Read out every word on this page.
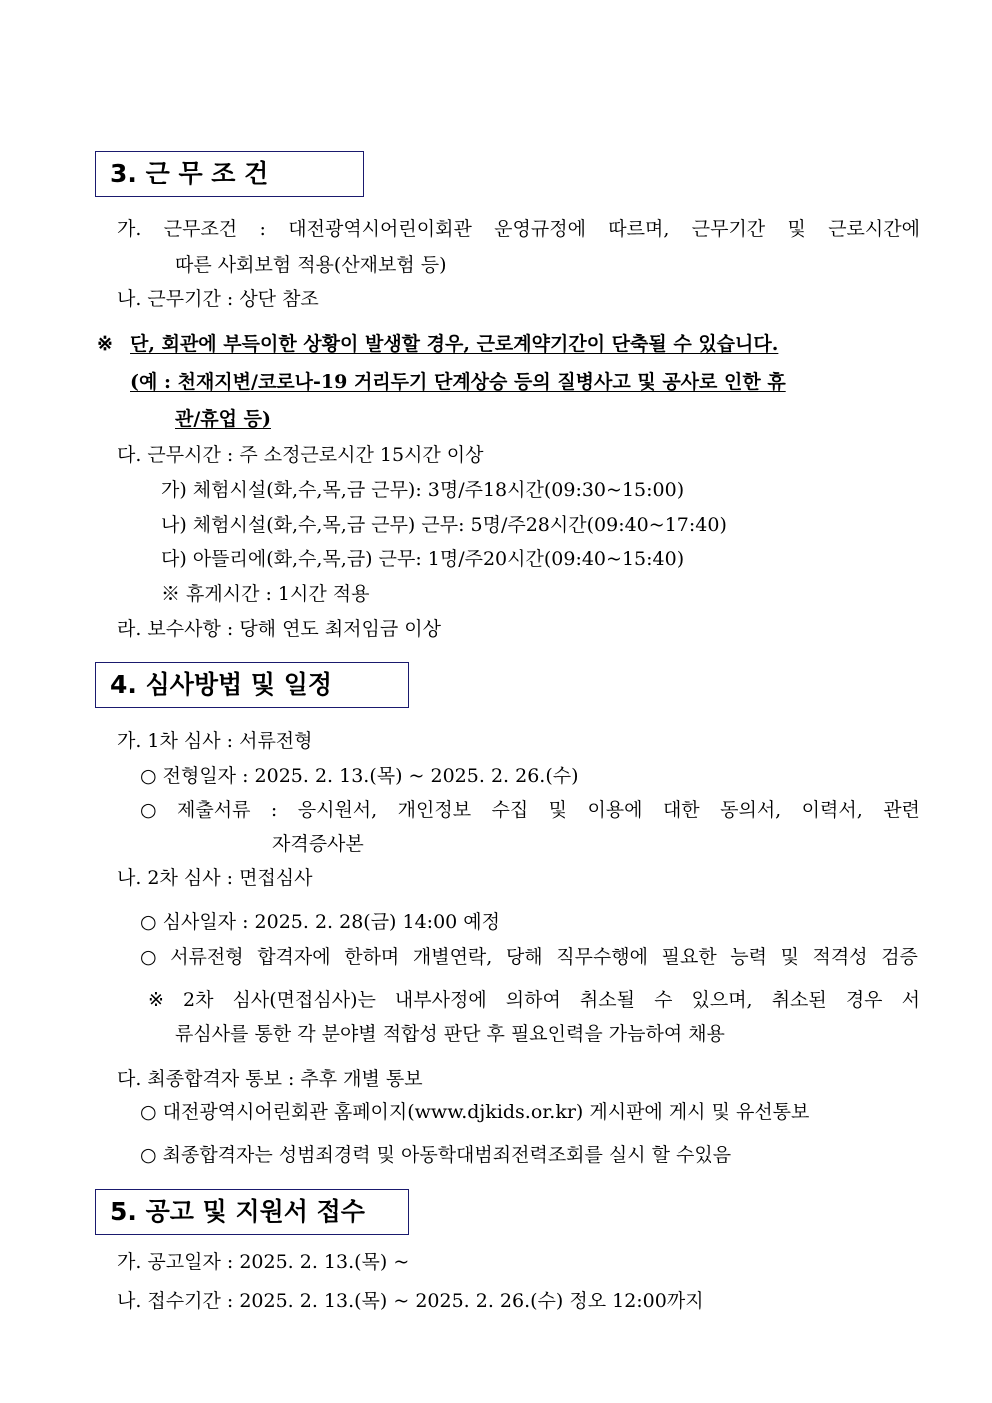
3. 근 무 조 건
가. 근무조건 : 대전광역시어린이회관 운영규정에 따르며, 근무기간 및 근로시간에
따른 사회보험 적용(산재보험 등)
나. 근무기간 : 상단 참조
※ 단, 회관에 부득이한 상황이 발생할 경우, 근로계약기간이 단축될 수 있습니다.
(예 : 천재지변/코로나-19 거리두기 단계상승 등의 질병사고 및 공사로 인한 휴
관/휴업 등)
다. 근무시간 : 주 소정근로시간 15시간 이상
가) 체험시설(화,수,목,금 근무): 3명/주18시간(09:30~15:00)
나) 체험시설(화,수,목,금 근무) 근무: 5명/주28시간(09:40~17:40)
다) 아뜰리에(화,수,목,금) 근무: 1명/주20시간(09:40~15:40)
※ 휴게시간 : 1시간 적용
라. 보수사항 : 당해 연도 최저임금 이상
4. 심사방법 및 일정
가. 1차 심사 : 서류전형
○ 전형일자 : 2025. 2. 13.(목) ~ 2025. 2. 26.(수)
○ 제출서류 : 응시원서, 개인정보 수집 및 이용에 대한 동의서, 이력서, 관련
자격증사본
나. 2차 심사 : 면접심사
○ 심사일자 : 2025. 2. 28(금) 14:00 예정
○ 서류전형 합격자에 한하며 개별연락, 당해 직무수행에 필요한 능력 및 적격성 검증
※ 2차 심사(면접심사)는 내부사정에 의하여 취소될 수 있으며, 취소된 경우 서
류심사를 통한 각 분야별 적합성 판단 후 필요인력을 가늠하여 채용
다. 최종합격자 통보 : 추후 개별 통보
○ 대전광역시어린회관 홈페이지(www.djkids.or.kr) 게시판에 게시 및 유선통보
○ 최종합격자는 성범죄경력 및 아동학대범죄전력조회를 실시 할 수있음
5. 공고 및 지원서 접수
가. 공고일자 : 2025. 2. 13.(목) ~
나. 접수기간 : 2025. 2. 13.(목) ~ 2025. 2. 26.(수) 정오 12:00까지
